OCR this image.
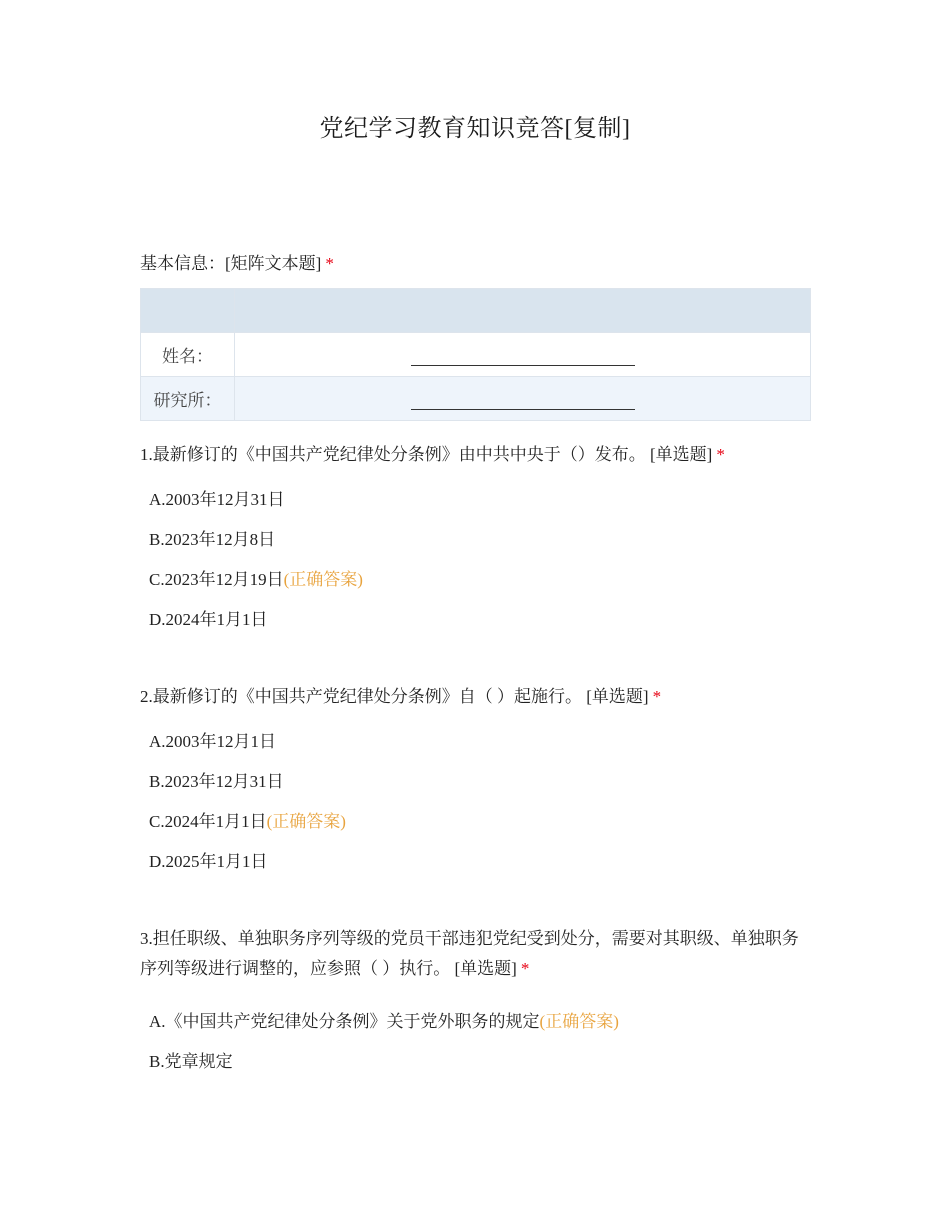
党纪学习教育知识竞答[复制]
基本信息：[矩阵文本题] *

姓名：	

研究所：	

1.最新修订的《中国共产党纪律处分条例》由中共中央于（）发布。 [单选题] *

A.2003年12月31日
B.2023年12月8日
C.2023年12月19日(正确答案)
D.2024年1月1日

2.最新修订的《中国共产党纪律处分条例》自（ ）起施行。 [单选题] *

A.2003年12月1日
B.2023年12月31日
C.2024年1月1日(正确答案)
D.2025年1月1日

3.担任职级、单独职务序列等级的党员干部违犯党纪受到处分，需要对其职级、单独职务序列等级进行调整的，应参照（ ）执行。 [单选题] *

A.《中国共产党纪律处分条例》关于党外职务的规定(正确答案)
B.党章规定
